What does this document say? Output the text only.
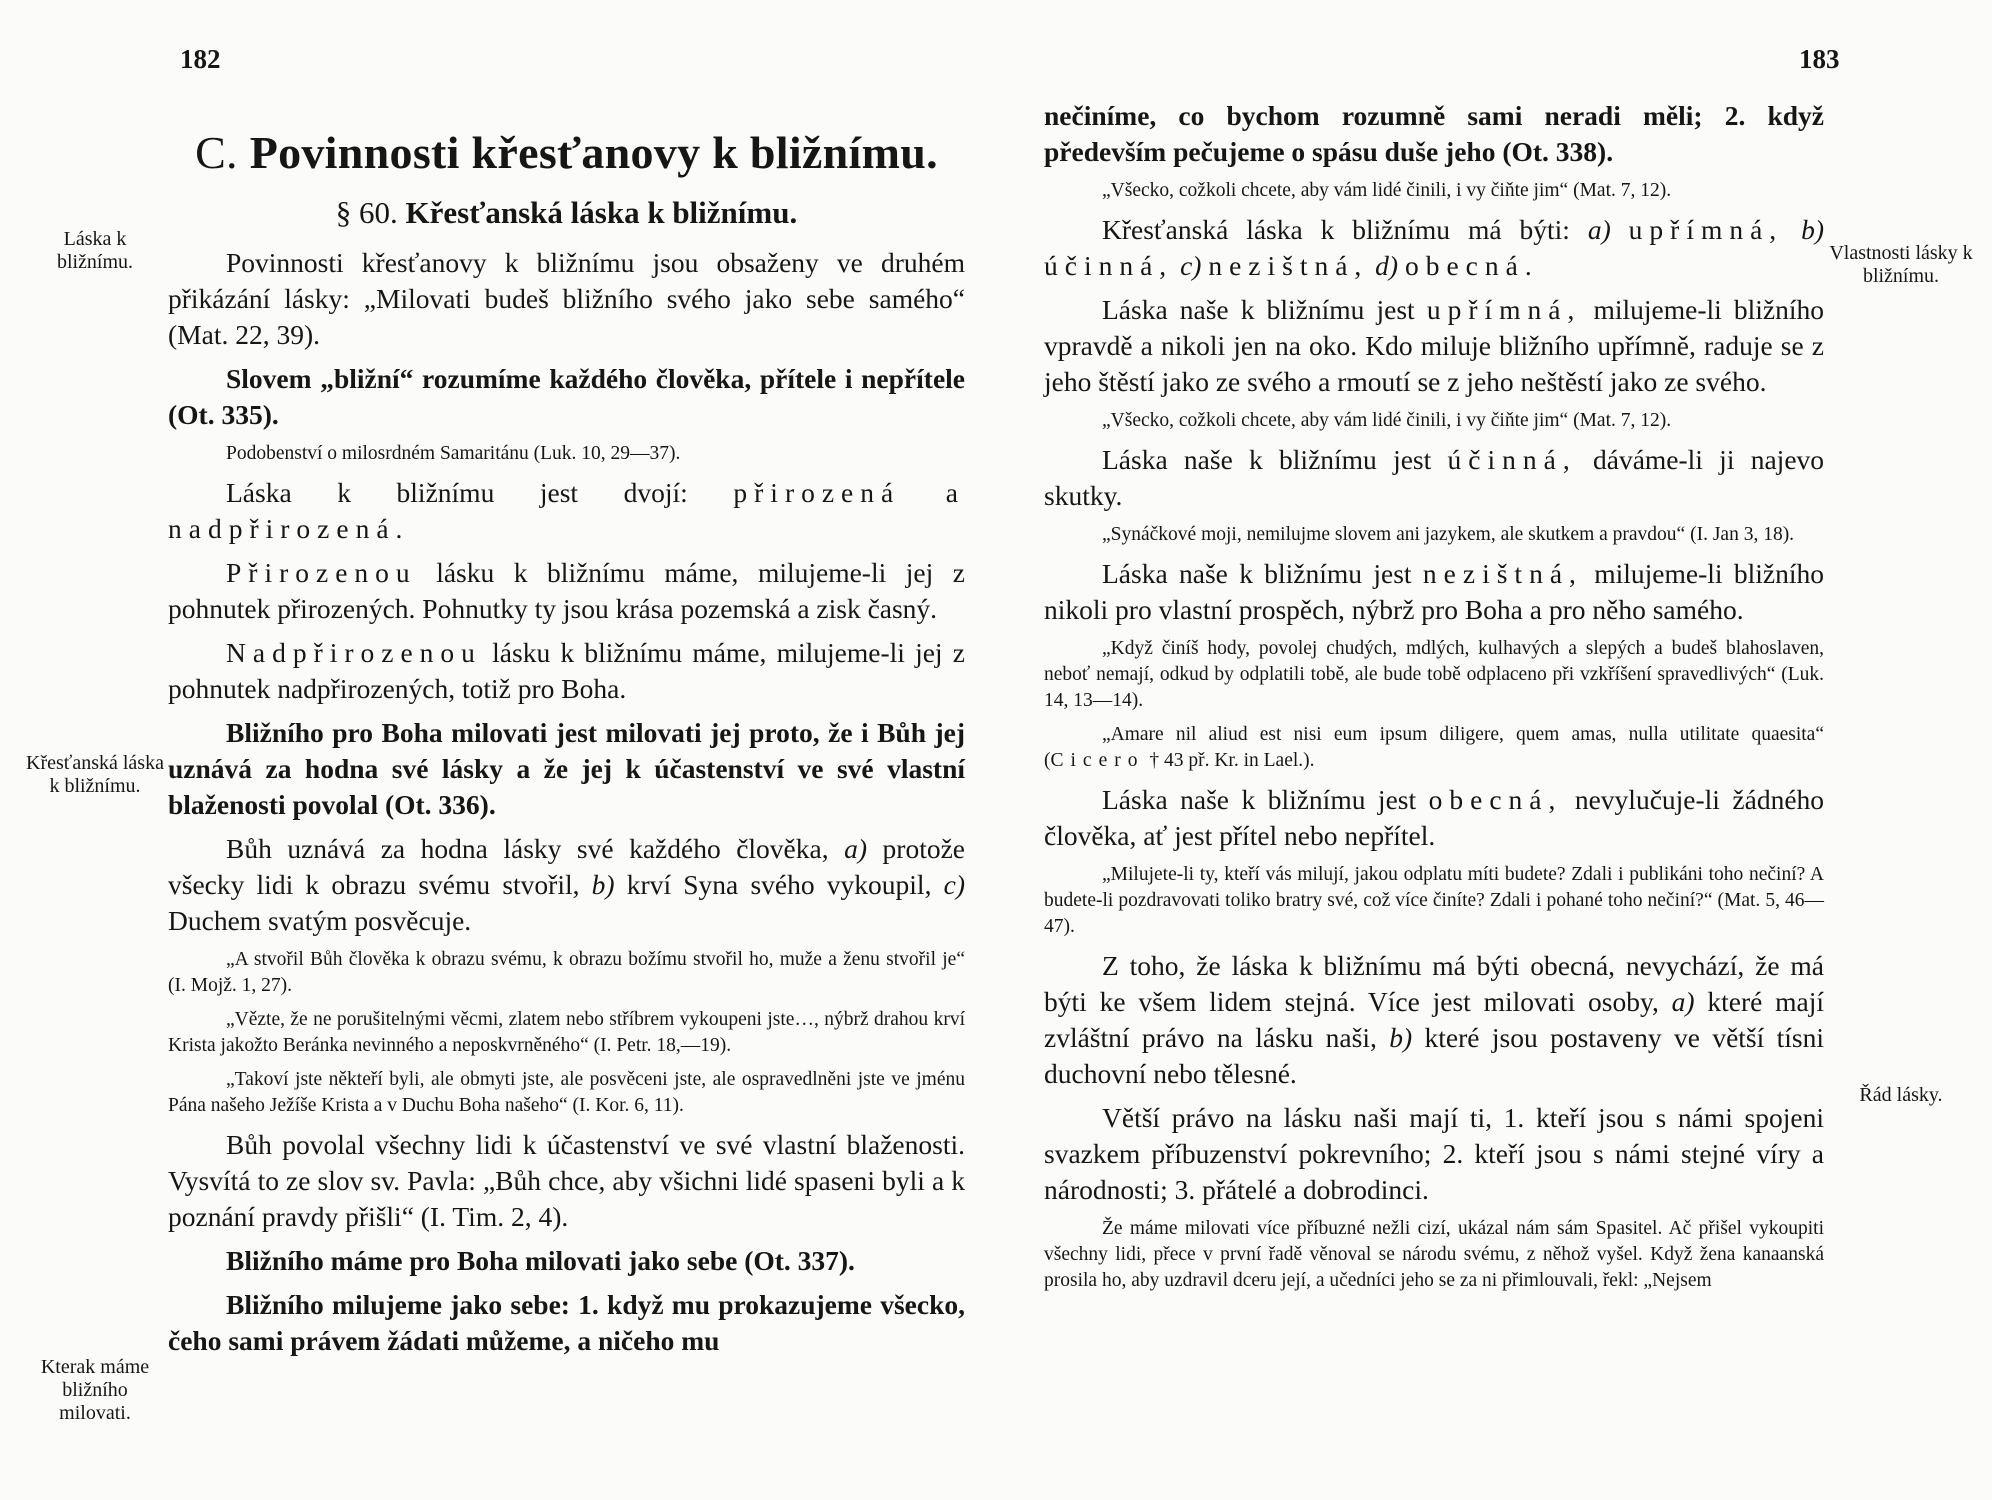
182
Láska k bližnímu.
Křesťanská láska k bližnímu.
Kterak máme bližního milovati.
C. Povinnosti křesťanovy k bližnímu.
§ 60. Křesťanská láska k bližnímu.

Povinnosti křesťanovy k bližnímu jsou obsaženy ve druhém přikázání lásky: „Milovati budeš bližního svého jako sebe samého“ (Mat. 22, 39).

Slovem „bližní“ rozumíme každého člověka, přítele i nepřítele (Ot. 335).

Podobenství o milosrdném Samaritánu (Luk. 10, 29—37).

Láska k bližnímu jest dvojí: přirozená a nadpřirozená.

Přirozenou lásku k bližnímu máme, milujeme-li jej z pohnutek přirozených. Pohnutky ty jsou krása pozemská a zisk časný.

Nadpřirozenou lásku k bližnímu máme, milujeme-li jej z pohnutek nadpřirozených, totiž pro Boha.

Bližního pro Boha milovati jest milovati jej proto, že i Bůh jej uznává za hodna své lásky a že jej k účastenství ve své vlastní blaženosti povolal (Ot. 336).

Bůh uznává za hodna lásky své každého člověka, a) protože všecky lidi k obrazu svému stvořil, b) krví Syna svého vykoupil, c) Duchem svatým posvěcuje.

„A stvořil Bůh člověka k obrazu svému, k obrazu božímu stvořil ho, muže a ženu stvořil je“ (I. Mojž. 1, 27).

„Vězte, že ne porušitelnými věcmi, zlatem nebo stříbrem vykoupeni jste…, nýbrž drahou krví Krista jakožto Beránka nevinného a neposkvrněného“ (I. Petr. 18,—19).

„Takoví jste někteří byli, ale obmyti jste, ale posvěceni jste, ale ospravedlněni jste ve jménu Pána našeho Ježíše Krista a v Duchu Boha našeho“ (I. Kor. 6, 11).

Bůh povolal všechny lidi k účastenství ve své vlastní blaženosti. Vysvítá to ze slov sv. Pavla: „Bůh chce, aby všichni lidé spaseni byli a k poznání pravdy přišli“ (I. Tim. 2, 4).

Bližního máme pro Boha milovati jako sebe (Ot. 337).

Bližního milujeme jako sebe: 1. když mu prokazujeme všecko, čeho sami právem žádati můžeme, a ničeho mu

183
Vlastnosti lásky k bližnímu.
Řád lásky.

nečiníme, co bychom rozumně sami neradi měli; 2. když především pečujeme o spásu duše jeho (Ot. 338).

„Všecko, cožkoli chcete, aby vám lidé činili, i vy čiňte jim“ (Mat. 7, 12).

Křesťanská láska k bližnímu má býti: a) upřímná, b) účinná, c) nezištná, d) obecná.

Láska naše k bližnímu jest upřímná, milujeme-li bližního vpravdě a nikoli jen na oko. Kdo miluje bližního upřímně, raduje se z jeho štěstí jako ze svého a rmoutí se z jeho neštěstí jako ze svého.

„Všecko, cožkoli chcete, aby vám lidé činili, i vy čiňte jim“ (Mat. 7, 12).

Láska naše k bližnímu jest účinná, dáváme-li ji najevo skutky.

„Synáčkové moji, nemilujme slovem ani jazykem, ale skutkem a pravdou“ (I. Jan 3, 18).

Láska naše k bližnímu jest nezištná, milujeme-li bližního nikoli pro vlastní prospěch, nýbrž pro Boha a pro něho samého.

„Když činíš hody, povolej chudých, mdlých, kulhavých a slepých a budeš blahoslaven, neboť nemají, odkud by odplatili tobě, ale bude tobě odplaceno při vzkříšení spravedlivých“ (Luk. 14, 13—14).

„Amare nil aliud est nisi eum ipsum diligere, quem amas, nulla utilitate quaesita“ (Cicero † 43 př. Kr. in Lael.).

Láska naše k bližnímu jest obecná, nevylučuje-li žádného člověka, ať jest přítel nebo nepřítel.

„Milujete-li ty, kteří vás milují, jakou odplatu míti budete? Zdali i publikáni toho nečiní? A budete-li pozdravovati toliko bratry své, což více činíte? Zdali i pohané toho nečiní?“ (Mat. 5, 46—47).

Z toho, že láska k bližnímu má býti obecná, nevychází, že má býti ke všem lidem stejná. Více jest milovati osoby, a) které mají zvláštní právo na lásku naši, b) které jsou postaveny ve větší tísni duchovní nebo tělesné.

Větší právo na lásku naši mají ti, 1. kteří jsou s námi spojeni svazkem příbuzenství pokrevního; 2. kteří jsou s námi stejné víry a národnosti; 3. přátelé a dobrodinci.

Že máme milovati více příbuzné nežli cizí, ukázal nám sám Spasitel. Ač přišel vykoupiti všechny lidi, přece v první řadě věnoval se národu svému, z něhož vyšel. Když žena kanaanská prosila ho, aby uzdravil dceru její, a učedníci jeho se za ni přimlouvali, řekl: „Nejsem
